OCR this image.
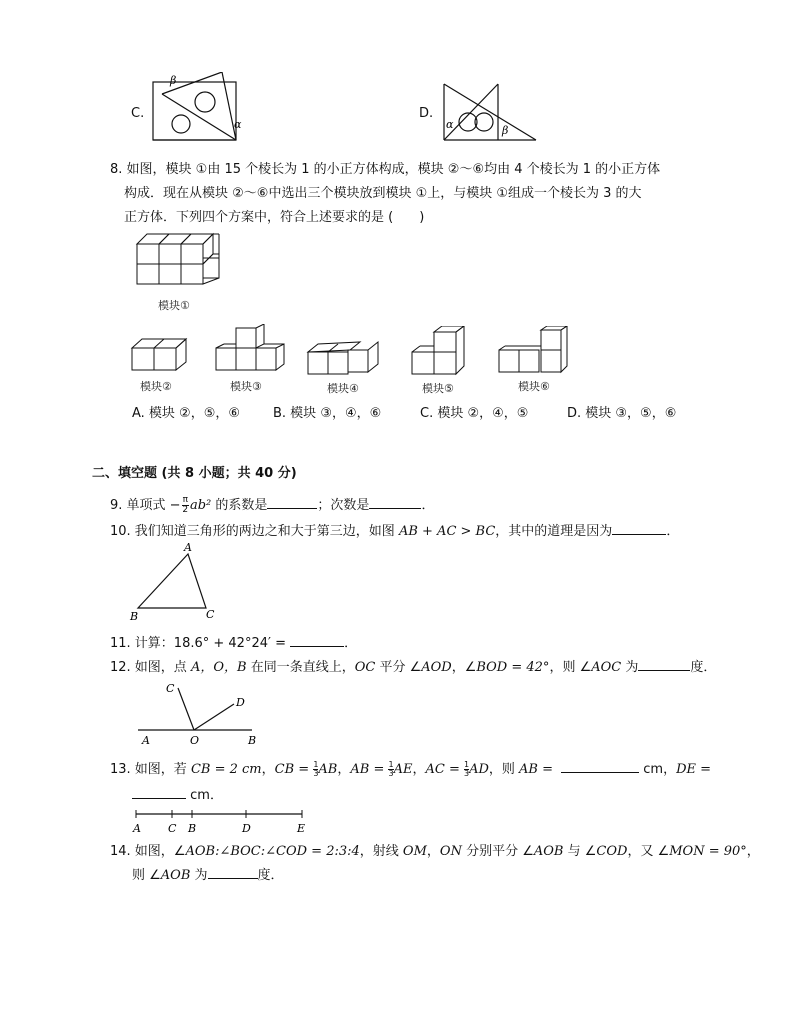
C.
β
α
D.
α	β
8. 如图，模块 ①由 15 个棱长为 1 的小正方体构成，模块 ②～⑥均由 4 个棱长为 1 的小正方体
构成．现在从模块 ②～⑥中选出三个模块放到模块 ①上，与模块 ①组成一个棱长为 3 的大
正方体．下列四个方案中，符合上述要求的是 (　　)
模块①
模块②	模块③	模块④	模块⑤	模块⑥
A. 模块 ②，⑤，⑥	B. 模块 ③，④，⑥	C. 模块 ②，④，⑤	D. 模块 ③，⑤，⑥
二、填空题 (共 8 小题；共 40 分)
9. 单项式 − $\frac{\pi}{2} ab^2$ 的系数是	；次数是	．
10. 我们知道三角形的两边之和大于第三边，如图 AB + AC > BC，其中的道理是因为	．
A
B	C
11. 计算：18.6° + 42°24′ =	．
12. 如图，点 A，O，B 在同一条直线上，OC 平分 ∠AOD，∠BOD = 42°，则 ∠AOC 为	度．
C
D
A	O	B
13. 如图，若 CB = 2 cm，CB = $\frac{1}{3}$ AB，AB = $\frac{1}{3}$ AE，AC = $\frac{1}{3}$ AD，则 AB =	cm，DE =
cm．
A C B	D	E
14. 如图，∠AOB:∠BOC:∠COD = 2:3:4，射线 OM，ON 分别平分 ∠AOB 与 ∠COD，又 ∠MON = 90°，
则 ∠AOB 为	度．
